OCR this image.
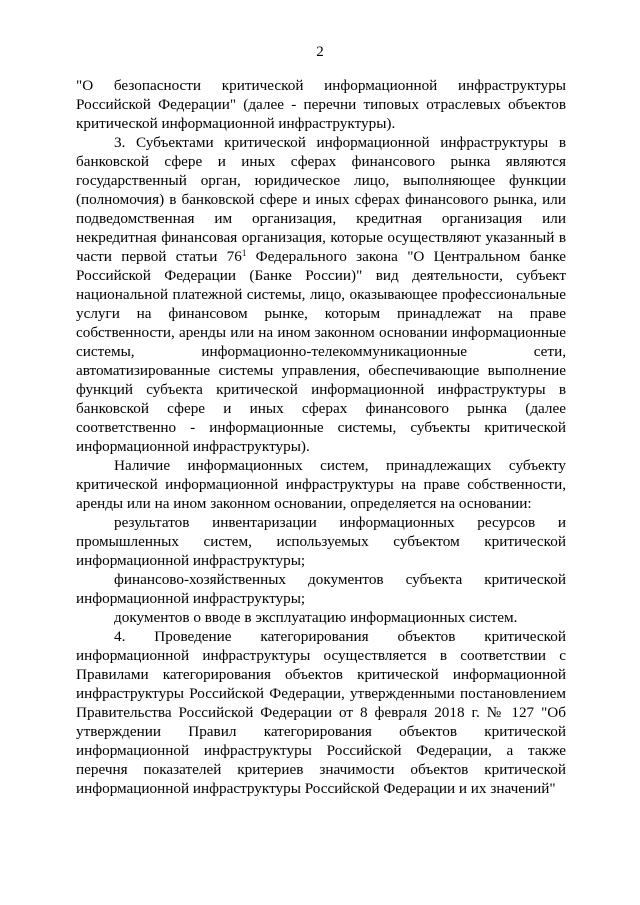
2

"О безопасности критической информационной инфраструктуры Российской Федерации" (далее - перечни типовых отраслевых объектов критической информационной инфраструктуры).

3. Субъектами критической информационной инфраструктуры в банковской сфере и иных сферах финансового рынка являются государственный орган, юридическое лицо, выполняющее функции (полномочия) в банковской сфере и иных сферах финансового рынка, или подведомственная им организация, кредитная организация или некредитная финансовая организация, которые осуществляют указанный в части первой статьи $76^1$ Федерального закона "О Центральном банке Российской Федерации (Банке России)" вид деятельности, субъект национальной платежной системы, лицо, оказывающее профессиональные услуги на финансовом рынке, которым принадлежат на праве собственности, аренды или на ином законном основании информационные системы, информационно-телекоммуникационные сети, автоматизированные системы управления, обеспечивающие выполнение функций субъекта критической информационной инфраструктуры в банковской сфере и иных сферах финансового рынка (далее соответственно - информационные системы, субъекты критической информационной инфраструктуры).

Наличие информационных систем, принадлежащих субъекту критической информационной инфраструктуры на праве собственности, аренды или на ином законном основании, определяется на основании:

результатов инвентаризации информационных ресурсов и промышленных систем, используемых субъектом критической информационной инфраструктуры;

финансово-хозяйственных документов субъекта критической информационной инфраструктуры;

документов о вводе в эксплуатацию информационных систем.

4. Проведение категорирования объектов критической информационной инфраструктуры осуществляется в соответствии с Правилами категорирования объектов критической информационной инфраструктуры Российской Федерации, утвержденными постановлением Правительства Российской Федерации от 8 февраля 2018 г. № 127 "Об утверждении Правил категорирования объектов критической информационной инфраструктуры Российской Федерации, а также перечня показателей критериев значимости объектов критической информационной инфраструктуры Российской Федерации и их значений"
